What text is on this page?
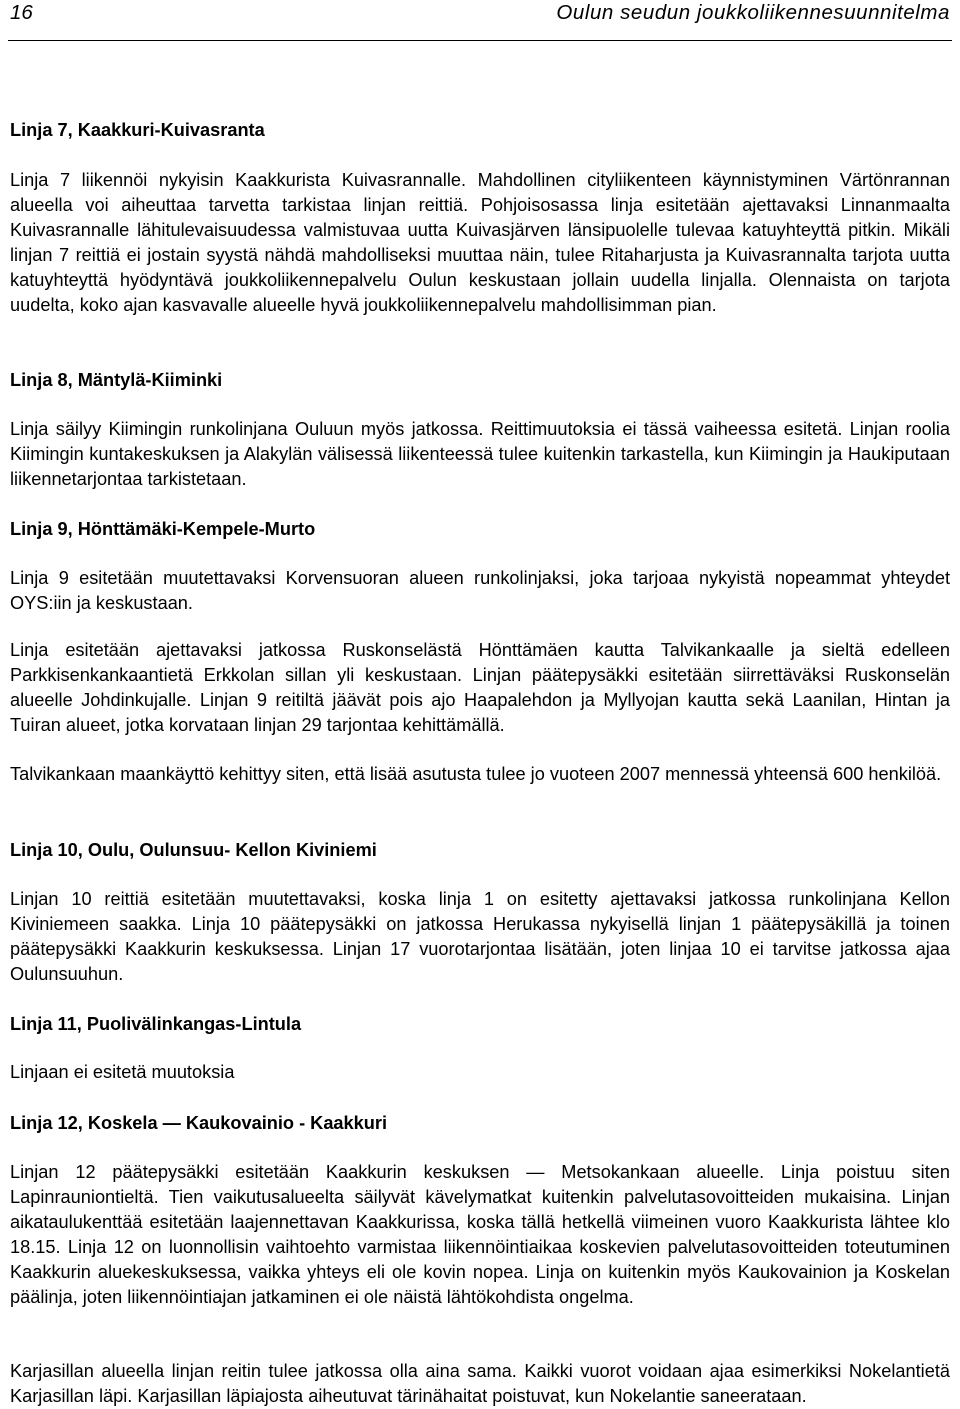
16	Oulun seudun joukkoliikennesuunnitelma
Linja 7, Kaakkuri-Kuivasranta

Linja 7 liikennöi nykyisin Kaakkurista Kuivasrannalle. Mahdollinen cityliikenteen käynnistyminen Värtönrannan alueella voi aiheuttaa tarvetta tarkistaa linjan reittiä. Pohjoisosassa linja esitetään ajettavaksi Linnanmaalta Kuivasrannalle lähitulevaisuudessa valmistuvaa uutta Kuivasjärven länsipuolelle tulevaa katuyhteyttä pitkin. Mikäli linjan 7 reittiä ei jostain syystä nähdä mahdolliseksi muuttaa näin, tulee Ritaharjusta ja Kuivasrannalta tarjota uutta katuyhteyttä hyödyntävä joukkoliikennepalvelu Oulun keskustaan jollain uudella linjalla. Olennaista on tarjota uudelta, koko ajan kasvavalle alueelle hyvä joukkoliikennepalvelu mahdollisimman pian.

Linja 8, Mäntylä-Kiiminki

Linja säilyy Kiimingin runkolinjana Ouluun myös jatkossa. Reittimuutoksia ei tässä vaiheessa esitetä. Linjan roolia Kiimingin kuntakeskuksen ja Alakylän välisessä liikenteessä tulee kuitenkin tarkastella, kun Kiimingin ja Haukiputaan liikennetarjontaa tarkistetaan.

Linja 9, Hönttämäki-Kempele-Murto

Linja 9 esitetään muutettavaksi Korvensuoran alueen runkolinjaksi, joka tarjoaa nykyistä nopeammat yhteydet OYS:iin ja keskustaan.

Linja esitetään ajettavaksi jatkossa Ruskonselästä Hönttämäen kautta Talvikankaalle ja sieltä edelleen Parkkisenkankaantietä Erkkolan sillan yli keskustaan. Linjan päätepysäkki esitetään siirrettäväksi Ruskonselän alueelle Johdinkujalle. Linjan 9 reitiltä jäävät pois ajo Haapalehdon ja Myllyojan kautta sekä Laanilan, Hintan ja Tuiran alueet, jotka korvataan linjan 29 tarjontaa kehittämällä.

Talvikankaan maankäyttö kehittyy siten, että lisää asutusta tulee jo vuoteen 2007 mennessä yhteensä 600 henkilöä.

Linja 10, Oulu, Oulunsuu- Kellon Kiviniemi

Linjan 10 reittiä esitetään muutettavaksi, koska linja 1 on esitetty ajettavaksi jatkossa runkolinjana Kellon Kiviniemeen saakka. Linja 10 päätepysäkki on jatkossa Herukassa nykyisellä linjan 1 päätepysäkillä ja toinen päätepysäkki Kaakkurin keskuksessa. Linjan 17 vuorotarjontaa lisätään, joten linjaa 10 ei tarvitse jatkossa ajaa Oulunsuuhun.

Linja 11, Puolivälinkangas-Lintula

Linjaan ei esitetä muutoksia

Linja 12, Koskela — Kaukovainio - Kaakkuri

Linjan 12 päätepysäkki esitetään Kaakkurin keskuksen — Metsokankaan alueelle. Linja poistuu siten Lapinrauniontieltä. Tien vaikutusalueelta säilyvät kävelymatkat kuitenkin palvelutasovoitteiden mukaisina. Linjan aikataulukenttää esitetään laajennettavan Kaakkurissa, koska tällä hetkellä viimeinen vuoro Kaakkurista lähtee klo 18.15. Linja 12 on luonnollisin vaihtoehto varmistaa liikennöintiaikaa koskevien palvelutasovoitteiden toteutuminen Kaakkurin aluekeskuksessa, vaikka yhteys eli ole kovin nopea. Linja on kuitenkin myös Kaukovainion ja Koskelan päälinja, joten liikennöintiajan jatkaminen ei ole näistä lähtökohdista ongelma.

Karjasillan alueella linjan reitin tulee jatkossa olla aina sama. Kaikki vuorot voidaan ajaa esimerkiksi Nokelantietä Karjasillan läpi. Karjasillan läpiajosta aiheutuvat tärinähaitat poistuvat, kun Nokelantie saneerataan.
